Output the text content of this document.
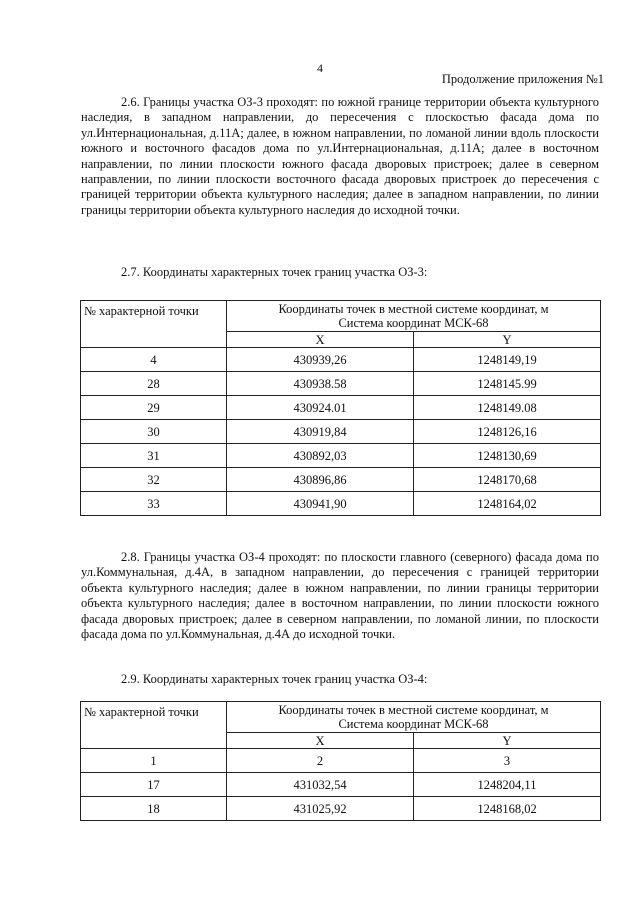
4
Продолжение приложения №1

2.6. Границы участка ОЗ-3 проходят: по южной границе территории объекта культурного наследия, в западном направлении, до пересечения с плоскостью фасада дома по ул.Интернациональная, д.11А; далее, в южном направлении, по ломаной линии вдоль плоскости южного и восточного фасадов дома по ул.Интернациональная, д.11А; далее в восточном направлении, по линии плоскости южного фасада дворовых пристроек; далее в северном направлении, по линии плоскости восточного фасада дворовых пристроек до пересечения с границей территории объекта культурного наследия; далее в западном направлении, по линии границы территории объекта культурного наследия до исходной точки.

2.7. Координаты характерных точек границ участка ОЗ-3:

№ характерной точки	Координаты точек в местной системе координат, м
Система координат МСК-68	

	X	Y
4	430939,26	1248149,19
28	430938.58	1248145.99
29	430924.01	1248149.08
30	430919,84	1248126,16
31	430892,03	1248130,69
32	430896,86	1248170,68
33	430941,90	1248164,02

2.8. Границы участка ОЗ-4 проходят: по плоскости главного (северного) фасада дома по ул.Коммунальная, д.4А, в западном направлении, до пересечения с границей территории объекта культурного наследия; далее в южном направлении, по линии границы территории объекта культурного наследия; далее в восточном направлении, по линии плоскости южного фасада дворовых пристроек; далее в северном направлении, по ломаной линии, по плоскости фасада дома по ул.Коммунальная, д.4А до исходной точки.

2.9. Координаты характерных точек границ участка ОЗ-4:

№ характерной точки	Координаты точек в местной системе координат, м
Система координат МСК-68	

	X	Y
1	2	3
17	431032,54	1248204,11
18	431025,92	1248168,02
